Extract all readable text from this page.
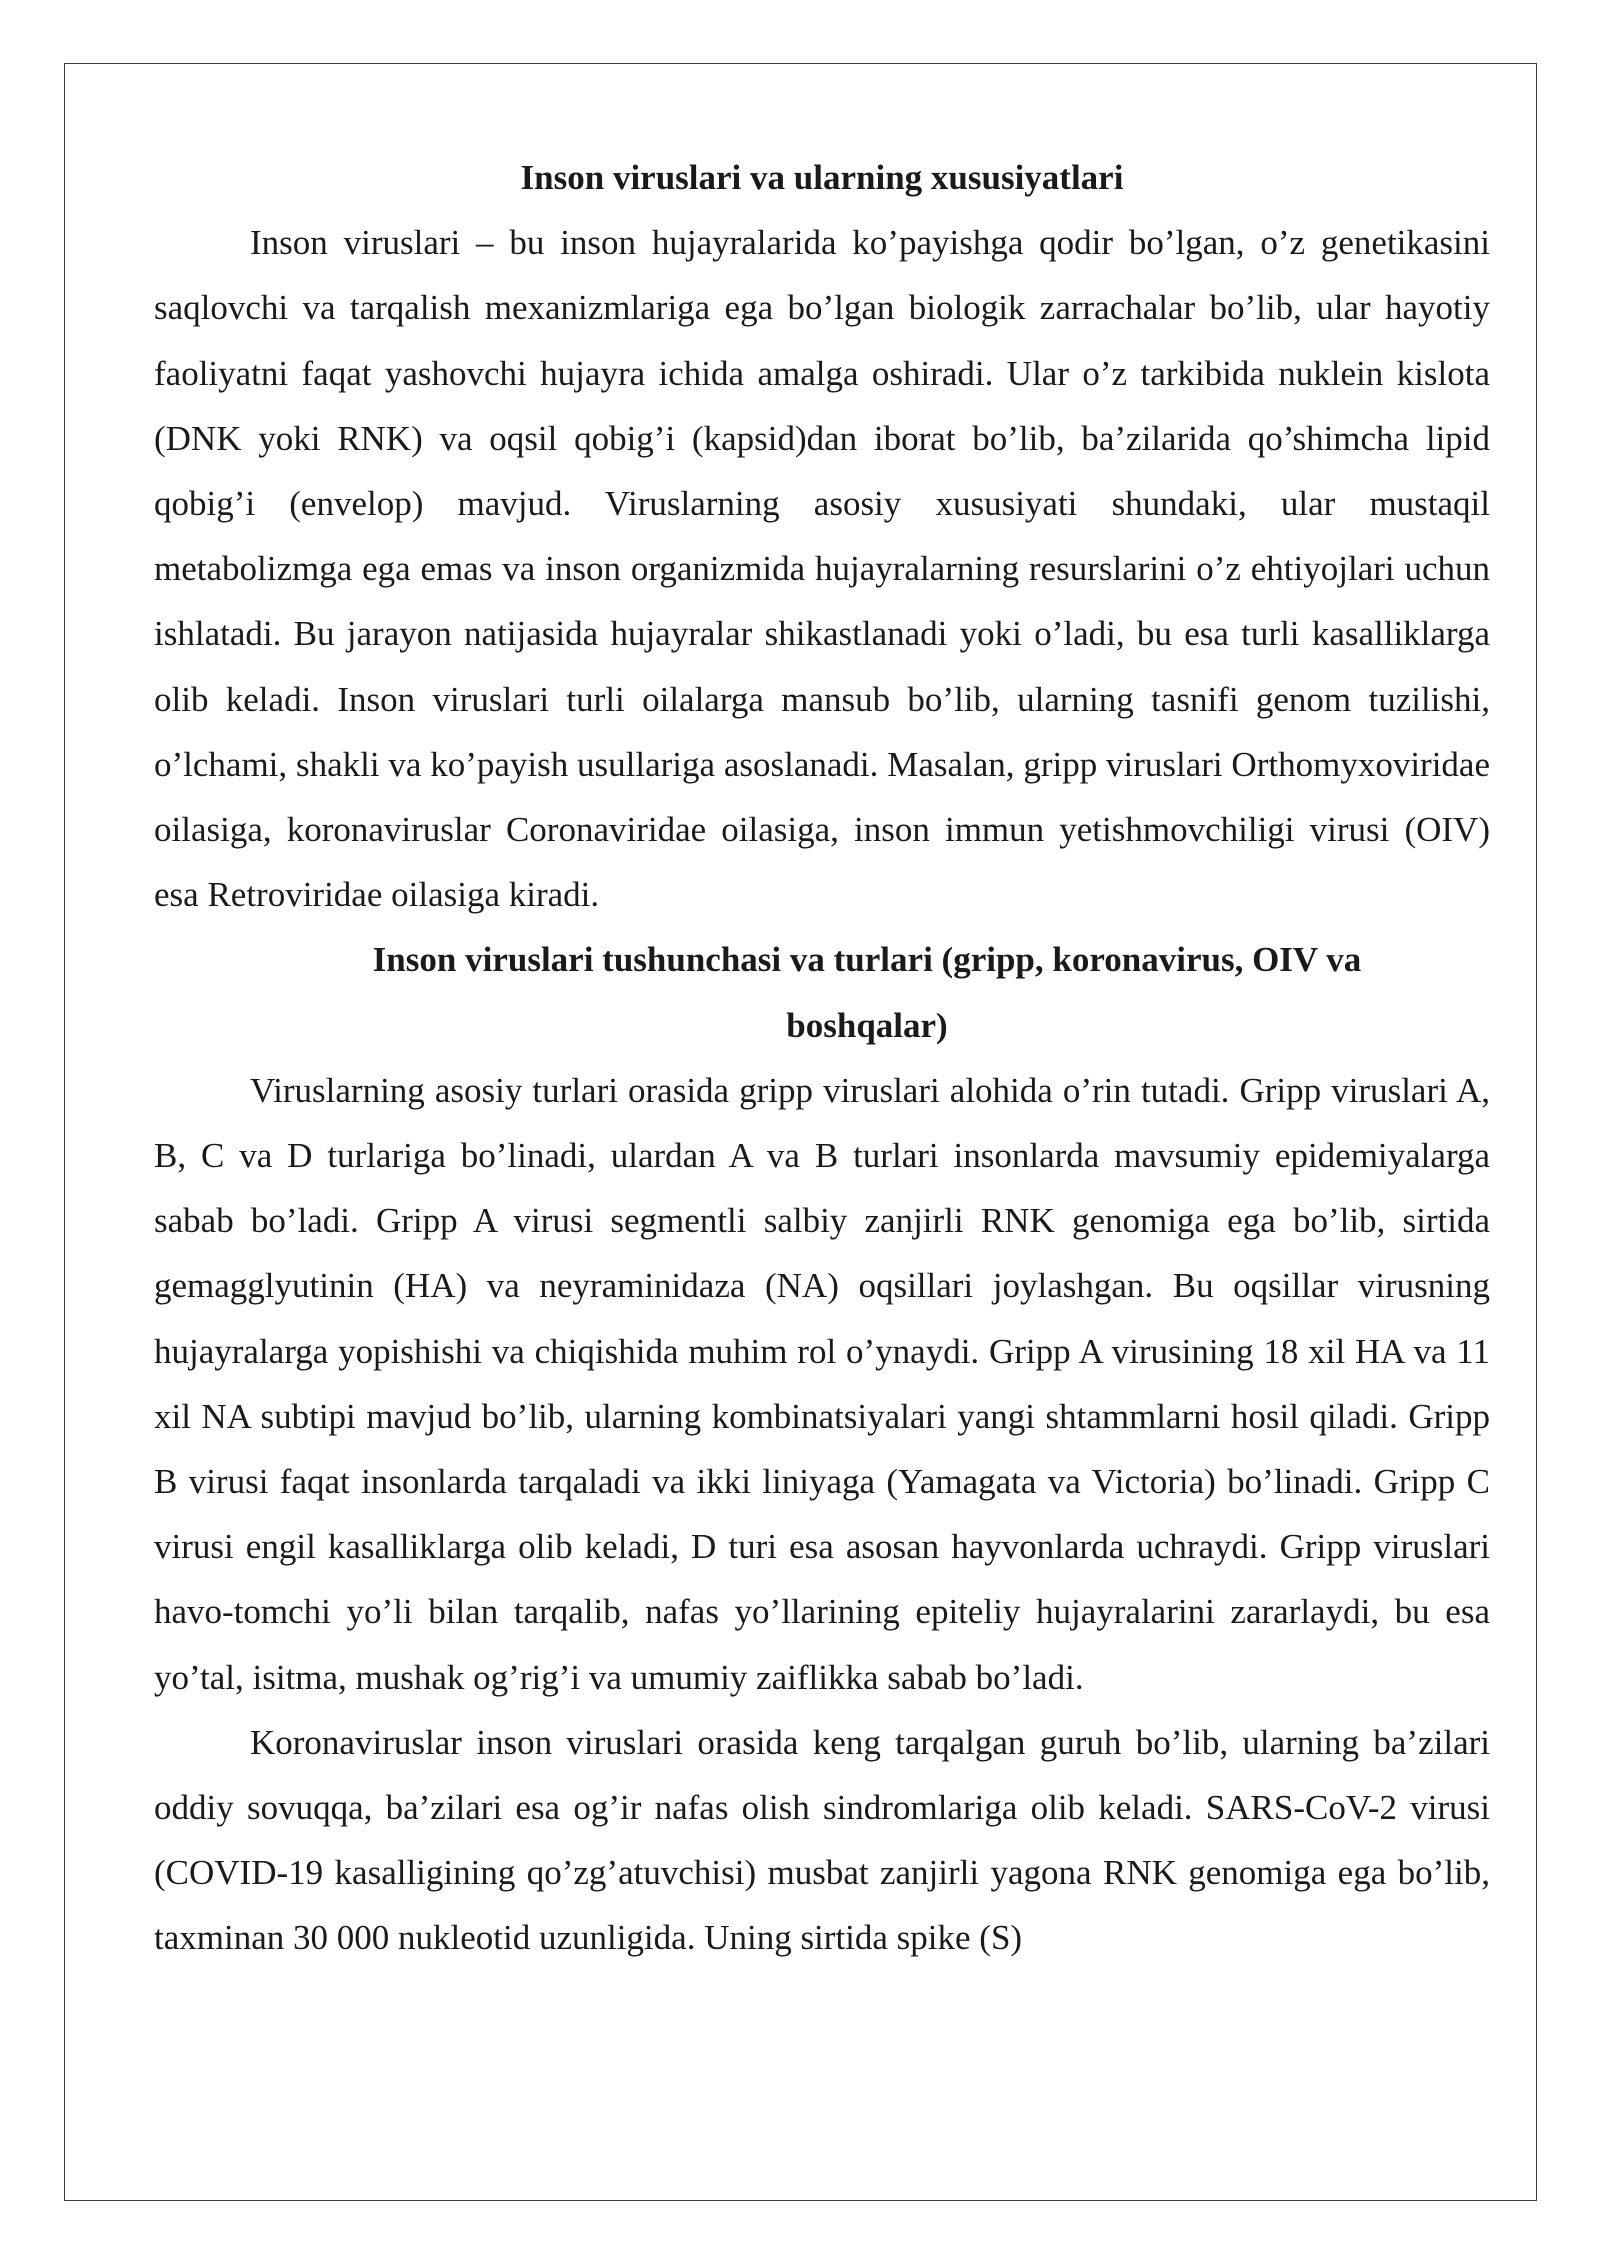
Inson viruslari va ularning xususiyatlari

Inson viruslari – bu inson hujayralarida ko’payishga qodir bo’lgan, o’z genetikasini saqlovchi va tarqalish mexanizmlariga ega bo’lgan biologik zarrachalar bo’lib, ular hayotiy faoliyatni faqat yashovchi hujayra ichida amalga oshiradi. Ular o’z tarkibida nuklein kislota (DNK yoki RNK) va oqsil qobig’i (kapsid)dan iborat bo’lib, ba’zilarida qo’shimcha lipid qobig’i (envelop) mavjud. Viruslarning asosiy xususiyati shundaki, ular mustaqil metabolizmga ega emas va inson organizmida hujayralarning resurslarini o’z ehtiyojlari uchun ishlatadi. Bu jarayon natijasida hujayralar shikastlanadi yoki o’ladi, bu esa turli kasalliklarga olib keladi. Inson viruslari turli oilalarga mansub bo’lib, ularning tasnifi genom tuzilishi, o’lchami, shakli va ko’payish usullariga asoslanadi. Masalan, gripp viruslari Orthomyxoviridae oilasiga, koronaviruslar Coronaviridae oilasiga, inson immun yetishmovchiligi virusi (OIV) esa Retroviridae oilasiga kiradi.

Inson viruslari tushunchasi va turlari (gripp, koronavirus, OIV va boshqalar)

Viruslarning asosiy turlari orasida gripp viruslari alohida o’rin tutadi. Gripp viruslari A, B, C va D turlariga bo’linadi, ulardan A va B turlari insonlarda mavsumiy epidemiyalarga sabab bo’ladi. Gripp A virusi segmentli salbiy zanjirli RNK genomiga ega bo’lib, sirtida gemagglyutinin (HA) va neyraminidaza (NA) oqsillari joylashgan. Bu oqsillar virusning hujayralarga yopishishi va chiqishida muhim rol o’ynaydi. Gripp A virusining 18 xil HA va 11 xil NA subtipi mavjud bo’lib, ularning kombinatsiyalari yangi shtammlarni hosil qiladi. Gripp B virusi faqat insonlarda tarqaladi va ikki liniyaga (Yamagata va Victoria) bo’linadi. Gripp C virusi engil kasalliklarga olib keladi, D turi esa asosan hayvonlarda uchraydi. Gripp viruslari havo-tomchi yo’li bilan tarqalib, nafas yo’llarining epiteliy hujayralarini zararlaydi, bu esa yo’tal, isitma, mushak og’rig’i va umumiy zaiflikka sabab bo’ladi.

Koronaviruslar inson viruslari orasida keng tarqalgan guruh bo’lib, ularning ba’zilari oddiy sovuqqa, ba’zilari esa og’ir nafas olish sindromlariga olib keladi. SARS-CoV-2 virusi (COVID-19 kasalligining qo’zg’atuvchisi) musbat zanjirli yagona RNK genomiga ega bo’lib, taxminan 30 000 nukleotid uzunligida. Uning sirtida spike (S)
